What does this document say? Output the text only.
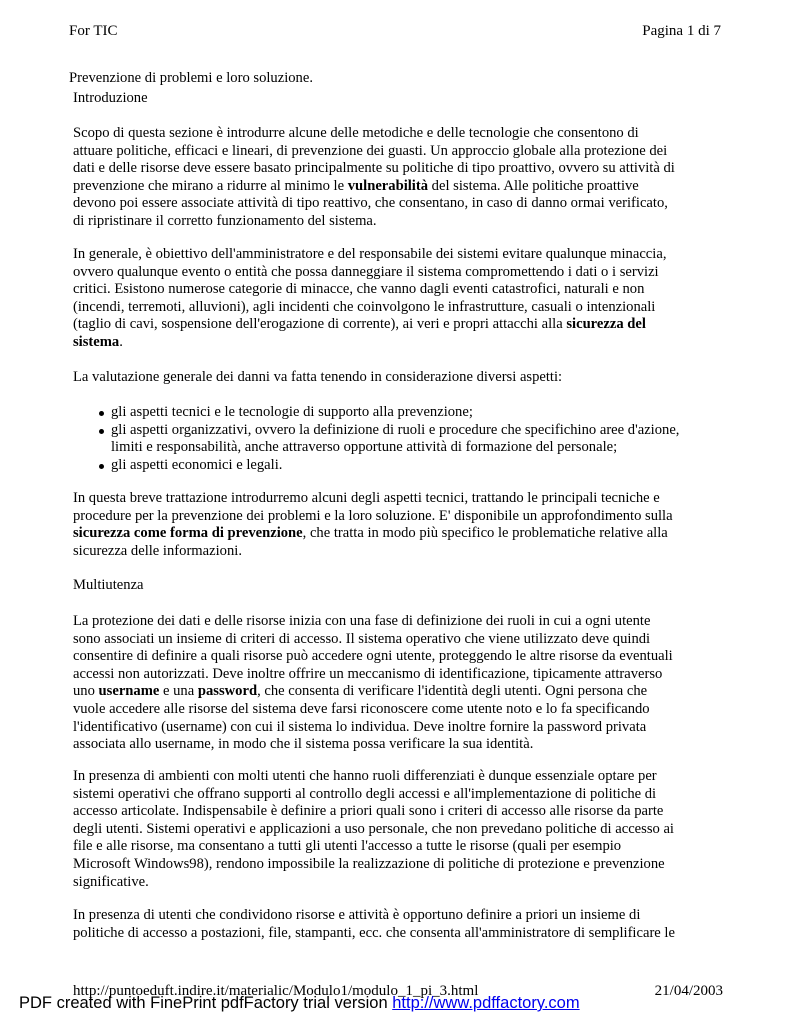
For TIC	Pagina 1 di 7
Prevenzione di problemi e loro soluzione.
Introduzione
Scopo di questa sezione è introdurre alcune delle metodiche e delle tecnologie che consentono di
attuare politiche, efficaci e lineari, di prevenzione dei guasti. Un approccio globale alla protezione dei
dati e delle risorse deve essere basato principalmente su politiche di tipo proattivo, ovvero su attività di
prevenzione che mirano a ridurre al minimo le vulnerabilità del sistema. Alle politiche proattive
devono poi essere associate attività di tipo reattivo, che consentano, in caso di danno ormai verificato,
di ripristinare il corretto funzionamento del sistema.
In generale, è obiettivo dell'amministratore e del responsabile dei sistemi evitare qualunque minaccia,
ovvero qualunque evento o entità che possa danneggiare il sistema compromettendo i dati o i servizi
critici. Esistono numerose categorie di minacce, che vanno dagli eventi catastrofici, naturali e non
(incendi, terremoti, alluvioni), agli incidenti che coinvolgono le infrastrutture, casuali o intenzionali
(taglio di cavi, sospensione dell'erogazione di corrente), ai veri e propri attacchi alla sicurezza del
sistema.
La valutazione generale dei danni va fatta tenendo in considerazione diversi aspetti:
gli aspetti tecnici e le tecnologie di supporto alla prevenzione;
gli aspetti organizzativi, ovvero la definizione di ruoli e procedure che specifichino aree d'azione,
limiti e responsabilità, anche attraverso opportune attività di formazione del personale;
gli aspetti economici e legali.
In questa breve trattazione introdurremo alcuni degli aspetti tecnici, trattando le principali tecniche e
procedure per la prevenzione dei problemi e la loro soluzione. E' disponibile un approfondimento sulla
sicurezza come forma di prevenzione, che tratta in modo più specifico le problematiche relative alla
sicurezza delle informazioni.
Multiutenza
La protezione dei dati e delle risorse inizia con una fase di definizione dei ruoli in cui a ogni utente
sono associati un insieme di criteri di accesso. Il sistema operativo che viene utilizzato deve quindi
consentire di definire a quali risorse può accedere ogni utente, proteggendo le altre risorse da eventuali
accessi non autorizzati. Deve inoltre offrire un meccanismo di identificazione, tipicamente attraverso
uno username e una password, che consenta di verificare l'identità degli utenti. Ogni persona che
vuole accedere alle risorse del sistema deve farsi riconoscere come utente noto e lo fa specificando
l'identificativo (username) con cui il sistema lo individua. Deve inoltre fornire la password privata
associata allo username, in modo che il sistema possa verificare la sua identità.
In presenza di ambienti con molti utenti che hanno ruoli differenziati è dunque essenziale optare per
sistemi operativi che offrano supporti al controllo degli accessi e all'implementazione di politiche di
accesso articolate. Indispensabile è definire a priori quali sono i criteri di accesso alle risorse da parte
degli utenti. Sistemi operativi e applicazioni a uso personale, che non prevedano politiche di accesso ai
file e alle risorse, ma consentano a tutti gli utenti l'accesso a tutte le risorse (quali per esempio
Microsoft Windows98), rendono impossibile la realizzazione di politiche di protezione e prevenzione
significative.
In presenza di utenti che condividono risorse e attività è opportuno definire a priori un insieme di
politiche di accesso a postazioni, file, stampanti, ecc. che consenta all'amministratore di semplificare le
http://puntoeduft.indire.it/materialic/Modulo1/modulo_1_pi_3.html	21/04/2003
PDF created with FinePrint pdfFactory trial version http://www.pdffactory.com
